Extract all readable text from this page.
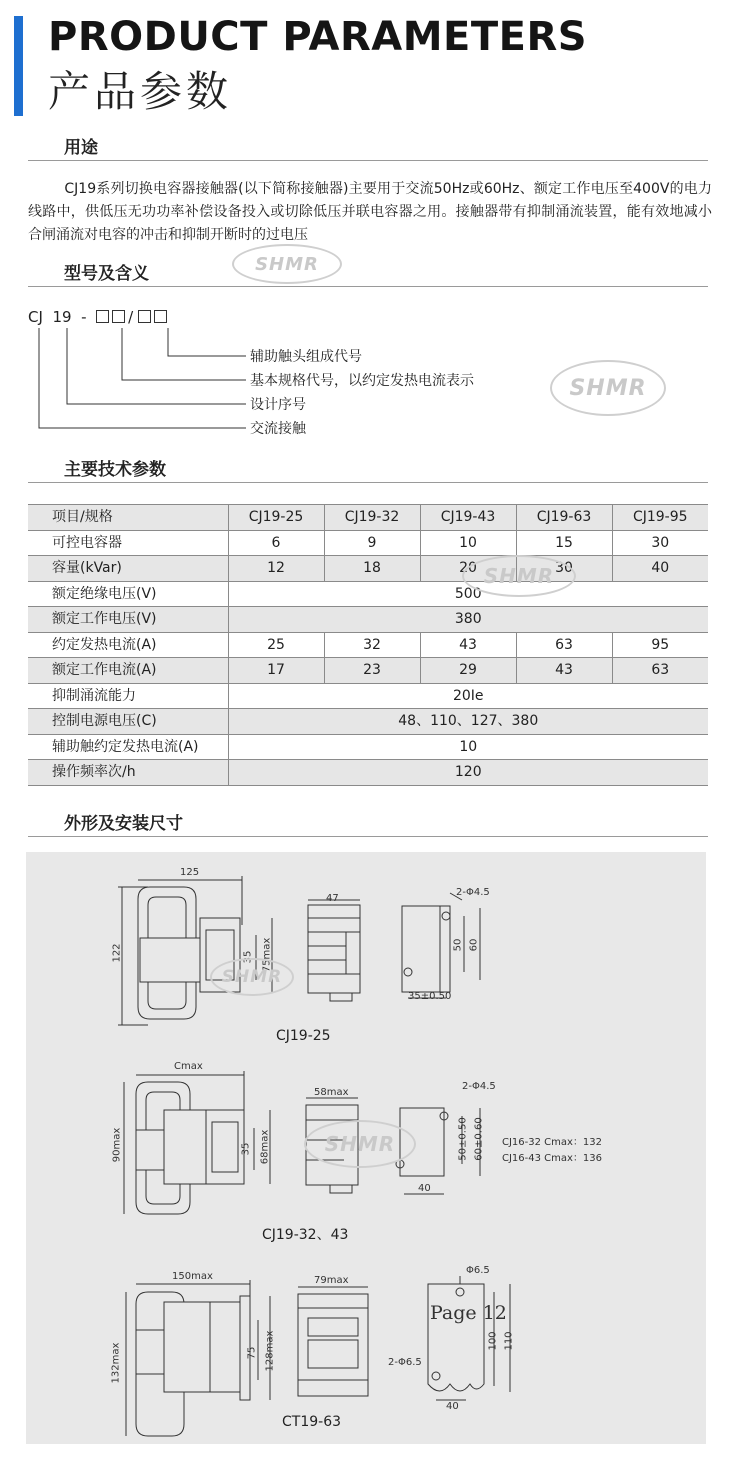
PRODUCT PARAMETERS
产品参数
用途
CJ19系列切换电容器接触器(以下简称接触器)主要用于交流50Hz或60Hz、额定工作电压至400V的电力线路中，供低压无功功率补偿设备投入或切除低压并联电容器之用。接触器带有抑制涌流装置，能有效地减小合闸涌流对电容的冲击和抑制开断时的过电压
SHMR
型号及含义
CJ 19 -	/
辅助触头组成代号
基本规格代号，以约定发热电流表示
设计序号
交流接触
SHMR
主要技术参数
项目/规格	CJ19-25	CJ19-32	CJ19-43	CJ19-63	CJ19-95
可控电容器	6	9	10	15	30
容量(kVar)	12	18	20	30	40
额定绝缘电压(V)	500				
额定工作电压(V)	380				
约定发热电流(A)	25	32	43	63	95
额定工作电流(A)	17	23	29	43	63
抑制涌流能力	20Ie				
控制电源电压(C)	48、110、127、380				
辅助触约定发热电流(A)	10				
操作频率次/h	120				
SHMR
外形及安装尺寸
125
122	35 75max
47
2-Φ4.5
50 60
35±0.50
CJ19-25
SHMR
Cmax
90max	35 68max
58max
2-Φ4.5
50±0.50 60±0.60
40
CJ16-32 Cmax：132
CJ16-43 Cmax：136
CJ19-32、43
SHMR
150max
132max	75 128max
79max
Φ6.5
2-Φ6.5
100 110
40
Page 12
CT19-63
